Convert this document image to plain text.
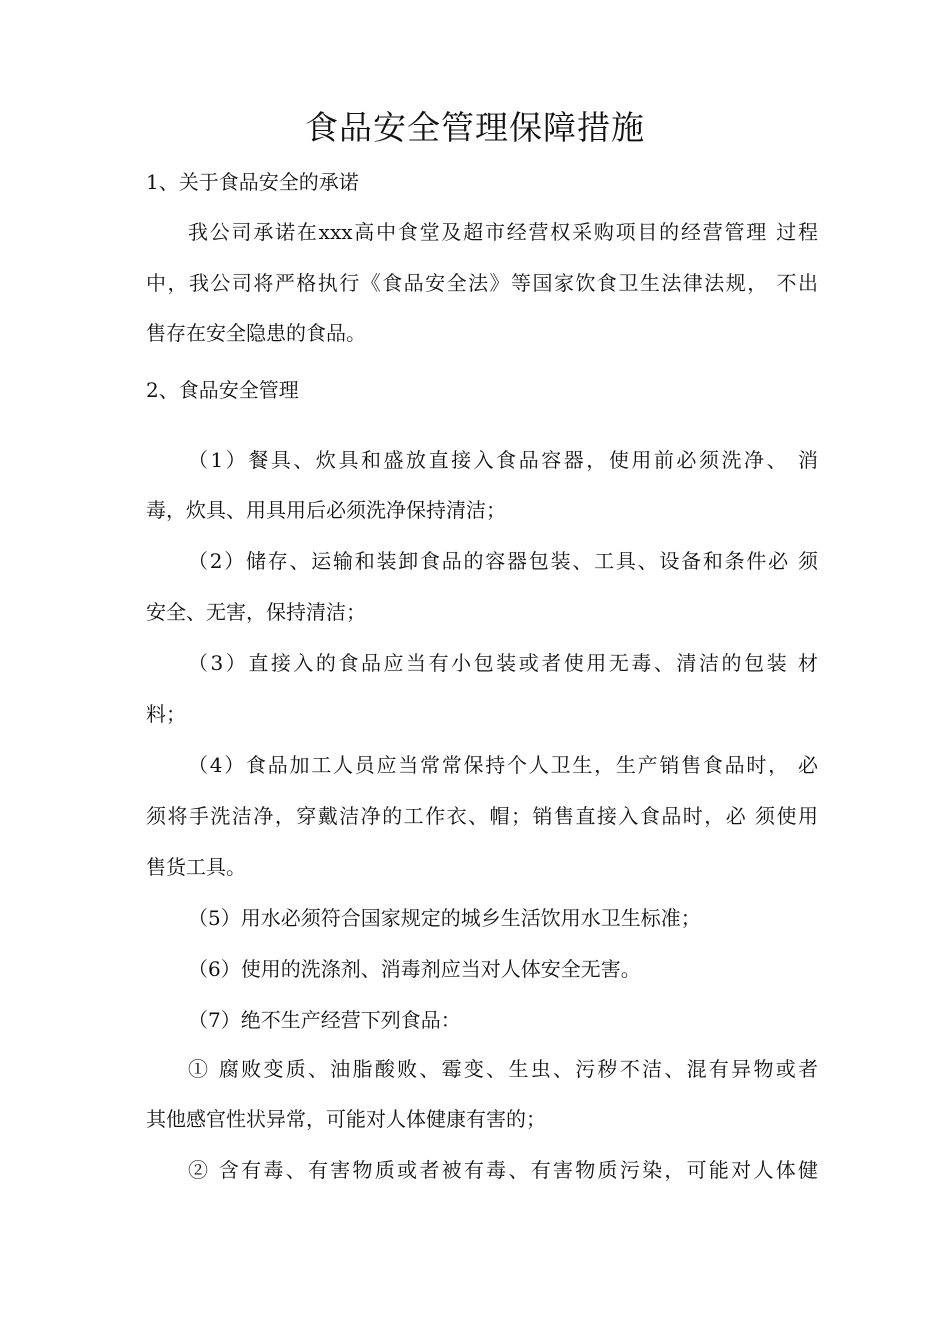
食品安全管理保障措施
1、关于食品安全的承诺
我公司承诺在xxx高中食堂及超市经营权采购项目的经营管理 过程
中，我公司将严格执行《食品安全法》等国家饮食卫生法律法规， 不出
售存在安全隐患的食品。
2、食品安全管理
（1）餐具、炊具和盛放直接入食品容器，使用前必须洗净、 消
毒，炊具、用具用后必须洗净保持清洁；
（2）储存、运输和装卸食品的容器包装、工具、设备和条件必 须
安全、无害，保持清洁；
（3）直接入的食品应当有小包装或者使用无毒、清洁的包装 材
料；
（4）食品加工人员应当常常保持个人卫生，生产销售食品时， 必
须将手洗洁净，穿戴洁净的工作衣、帽；销售直接入食品时，必 须使用
售货工具。
（5）用水必须符合国家规定的城乡生活饮用水卫生标准；
（6）使用的洗涤剂、消毒剂应当对人体安全无害。
（7）绝不生产经营下列食品：
① 腐败变质、油脂酸败、霉变、生虫、污秽不洁、混有异物或者
其他感官性状异常，可能对人体健康有害的；
② 含有毒、有害物质或者被有毒、有害物质污染，可能对人体健
